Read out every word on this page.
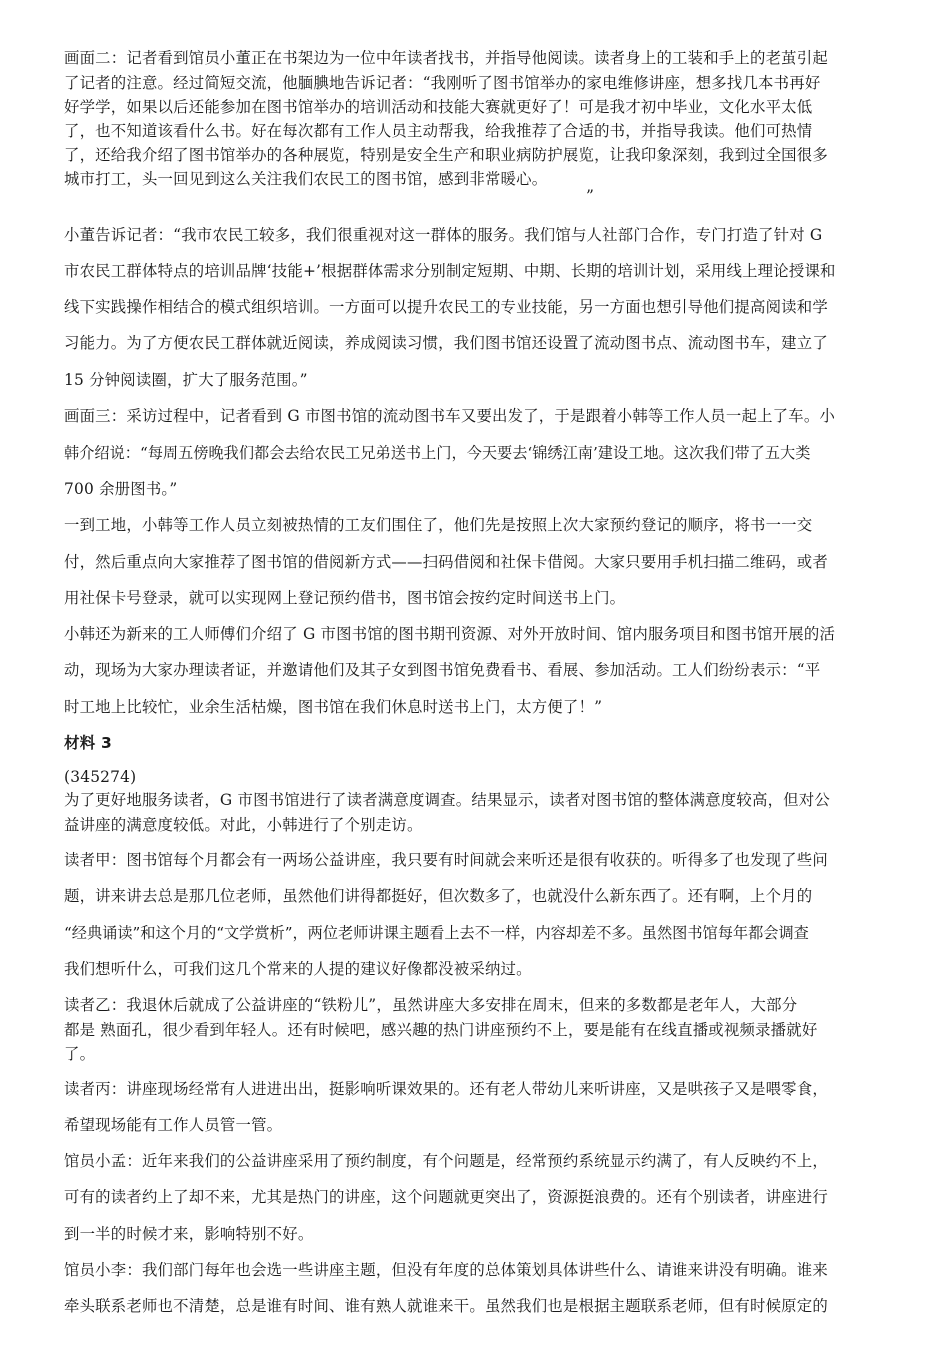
画面二：记者看到馆员小董正在书架边为一位中年读者找书，并指导他阅读。读者身上的工装和手上的老茧引起

了记者的注意。经过简短交流，他腼腆地告诉记者：“我刚听了图书馆举办的家电维修讲座，想多找几本书再好

好学学，如果以后还能参加在图书馆举办的培训活动和技能大赛就更好了！可是我才初中毕业，文化水平太低

了，也不知道该看什么书。好在每次都有工作人员主动帮我，给我推荐了合适的书，并指导我读。他们可热情

了，还给我介绍了图书馆举办的各种展览，特别是安全生产和职业病防护展览，让我印象深刻，我到过全国很多

城市打工，头一回见到这么关注我们农民工的图书馆，感到非常暖心。

”

小董告诉记者：“我市农民工较多，我们很重视对这一群体的服务。我们馆与人社部门合作，专门打造了针对 G

市农民工群体特点的培训品牌‘技能+’根据群体需求分别制定短期、中期、长期的培训计划，采用线上理论授课和

线下实践操作相结合的模式组织培训。一方面可以提升农民工的专业技能，另一方面也想引导他们提高阅读和学

习能力。为了方便农民工群体就近阅读，养成阅读习惯，我们图书馆还设置了流动图书点、流动图书车，建立了

15 分钟阅读圈，扩大了服务范围。”

画面三：采访过程中，记者看到 G 市图书馆的流动图书车又要出发了，于是跟着小韩等工作人员一起上了车。小

韩介绍说：“每周五傍晚我们都会去给农民工兄弟送书上门，今天要去‘锦绣江南’建设工地。这次我们带了五大类

700 余册图书。”

一到工地，小韩等工作人员立刻被热情的工友们围住了，他们先是按照上次大家预约登记的顺序，将书一一交

付，然后重点向大家推荐了图书馆的借阅新方式——扫码借阅和社保卡借阅。大家只要用手机扫描二维码，或者

用社保卡号登录，就可以实现网上登记预约借书，图书馆会按约定时间送书上门。

小韩还为新来的工人师傅们介绍了 G 市图书馆的图书期刊资源、对外开放时间、馆内服务项目和图书馆开展的活

动，现场为大家办理读者证，并邀请他们及其子女到图书馆免费看书、看展、参加活动。工人们纷纷表示：“平

时工地上比较忙，业余生活枯燥，图书馆在我们休息时送书上门，太方便了！”

材料 3

(345274)

为了更好地服务读者，G 市图书馆进行了读者满意度调查。结果显示，读者对图书馆的整体满意度较高，但对公

益讲座的满意度较低。对此，小韩进行了个别走访。

读者甲：图书馆每个月都会有一两场公益讲座，我只要有时间就会来听还是很有收获的。听得多了也发现了些问

题，讲来讲去总是那几位老师，虽然他们讲得都挺好，但次数多了，也就没什么新东西了。还有啊，上个月的

“经典诵读”和这个月的“文学赏析”，两位老师讲课主题看上去不一样，内容却差不多。虽然图书馆每年都会调查

我们想听什么，可我们这几个常来的人提的建议好像都没被采纳过。

读者乙：我退休后就成了公益讲座的“铁粉儿”，虽然讲座大多安排在周末，但来的多数都是老年人，大部分

都是 熟面孔，很少看到年轻人。还有时候吧，感兴趣的热门讲座预约不上，要是能有在线直播或视频录播就好

了。

读者丙：讲座现场经常有人进进出出，挺影响听课效果的。还有老人带幼儿来听讲座，又是哄孩子又是喂零食，

希望现场能有工作人员管一管。

馆员小孟：近年来我们的公益讲座采用了预约制度，有个问题是，经常预约系统显示约满了，有人反映约不上，

可有的读者约上了却不来，尤其是热门的讲座，这个问题就更突出了，资源挺浪费的。还有个别读者，讲座进行

到一半的时候才来，影响特别不好。

馆员小李：我们部门每年也会选一些讲座主题，但没有年度的总体策划具体讲些什么、请谁来讲没有明确。谁来

牵头联系老师也不清楚，总是谁有时间、谁有熟人就谁来干。虽然我们也是根据主题联系老师，但有时候原定的
